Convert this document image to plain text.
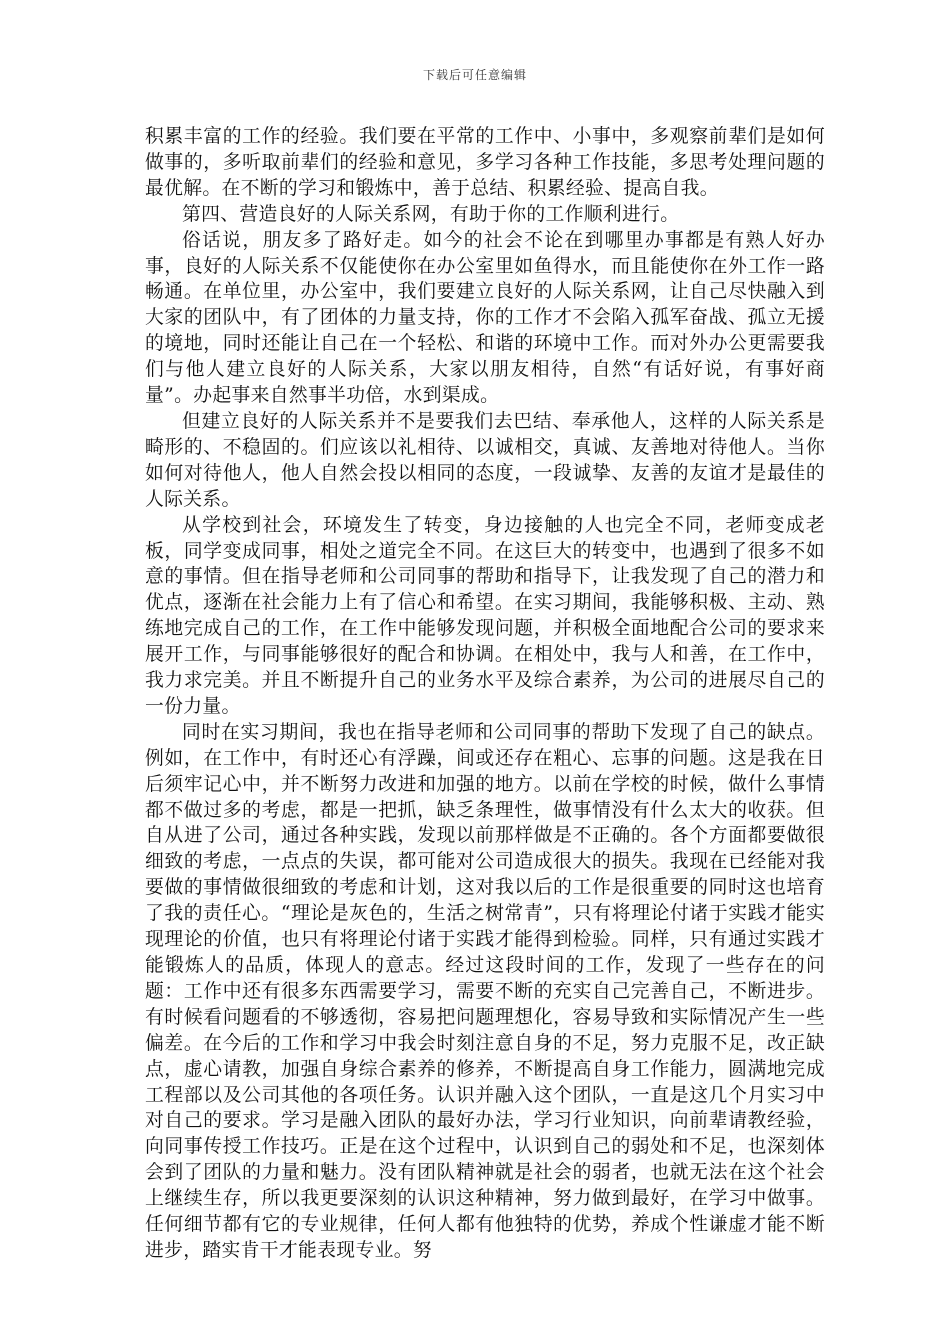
下载后可任意编辑

积累丰富的工作的经验。我们要在平常的工作中、小事中，多观察前辈们是如何做事的，多听取前辈们的经验和意见，多学习各种工作技能，多思考处理问题的最优解。在不断的学习和锻炼中，善于总结、积累经验、提高自我。

第四、营造良好的人际关系网，有助于你的工作顺利进行。

俗话说，朋友多了路好走。如今的社会不论在到哪里办事都是有熟人好办事，良好的人际关系不仅能使你在办公室里如鱼得水，而且能使你在外工作一路畅通。在单位里，办公室中，我们要建立良好的人际关系网，让自己尽快融入到大家的团队中，有了团体的力量支持，你的工作才不会陷入孤军奋战、孤立无援的境地，同时还能让自己在一个轻松、和谐的环境中工作。而对外办公更需要我们与他人建立良好的人际关系，大家以朋友相待，自然“有话好说，有事好商量”。办起事来自然事半功倍，水到渠成。

但建立良好的人际关系并不是要我们去巴结、奉承他人，这样的人际关系是畸形的、不稳固的。们应该以礼相待、以诚相交，真诚、友善地对待他人。当你如何对待他人，他人自然会投以相同的态度，一段诚挚、友善的友谊才是最佳的人际关系。

从学校到社会，环境发生了转变，身边接触的人也完全不同，老师变成老板，同学变成同事，相处之道完全不同。在这巨大的转变中，也遇到了很多不如意的事情。但在指导老师和公司同事的帮助和指导下，让我发现了自己的潜力和优点，逐渐在社会能力上有了信心和希望。在实习期间，我能够积极、主动、熟练地完成自己的工作，在工作中能够发现问题，并积极全面地配合公司的要求来展开工作，与同事能够很好的配合和协调。在相处中，我与人和善，在工作中，我力求完美。并且不断提升自己的业务水平及综合素养，为公司的进展尽自己的一份力量。

同时在实习期间，我也在指导老师和公司同事的帮助下发现了自己的缺点。例如，在工作中，有时还心有浮躁，间或还存在粗心、忘事的问题。这是我在日后须牢记心中，并不断努力改进和加强的地方。以前在学校的时候，做什么事情都不做过多的考虑，都是一把抓，缺乏条理性，做事情没有什么太大的收获。但自从进了公司，通过各种实践，发现以前那样做是不正确的。各个方面都要做很细致的考虑，一点点的失误，都可能对公司造成很大的损失。我现在已经能对我要做的事情做很细致的考虑和计划，这对我以后的工作是很重要的同时这也培育了我的责任心。“理论是灰色的，生活之树常青”，只有将理论付诸于实践才能实现理论的价值，也只有将理论付诸于实践才能得到检验。同样，只有通过实践才能锻炼人的品质，体现人的意志。经过这段时间的工作，发现了一些存在的问题：工作中还有很多东西需要学习，需要不断的充实自己完善自己，不断进步。有时候看问题看的不够透彻，容易把问题理想化，容易导致和实际情况产生一些偏差。在今后的工作和学习中我会时刻注意自身的不足，努力克服不足，改正缺点，虚心请教，加强自身综合素养的修养，不断提高自身工作能力，圆满地完成工程部以及公司其他的各项任务。认识并融入这个团队，一直是这几个月实习中对自己的要求。学习是融入团队的最好办法，学习行业知识，向前辈请教经验，向同事传授工作技巧。正是在这个过程中，认识到自己的弱处和不足，也深刻体会到了团队的力量和魅力。没有团队精神就是社会的弱者，也就无法在这个社会上继续生存，所以我更要深刻的认识这种精神，努力做到最好，在学习中做事。任何细节都有它的专业规律，任何人都有他独特的优势，养成个性谦虚才能不断进步，踏实肯干才能表现专业。努
